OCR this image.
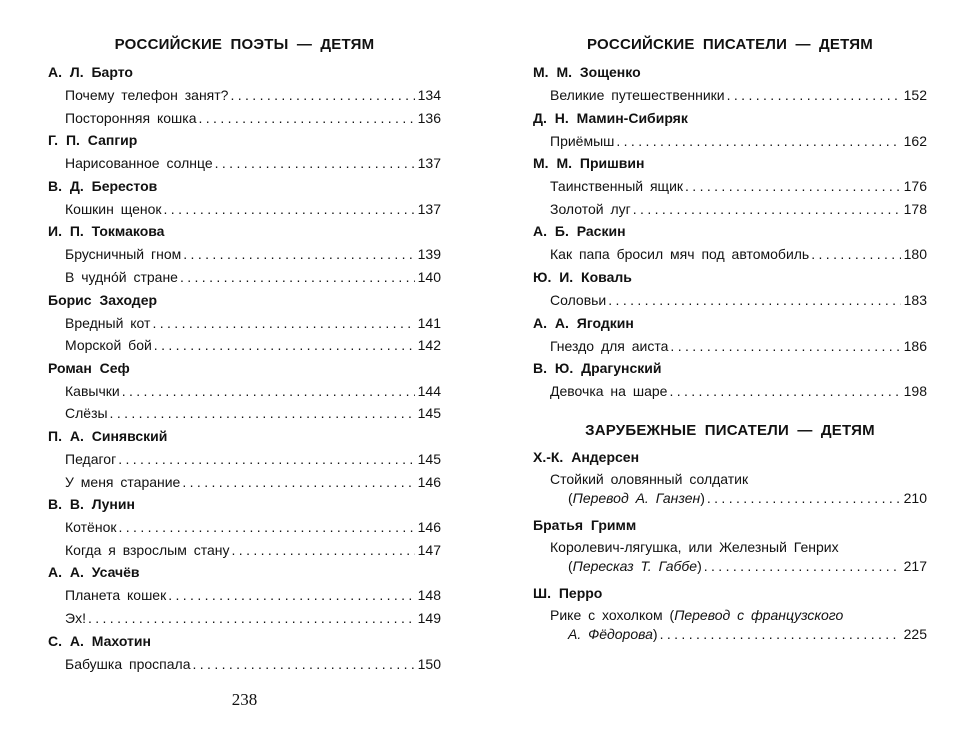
РОССИЙСКИЕ ПОЭТЫ — ДЕТЯМ
А. Л. Барто
Почему телефон занят? . . .	134
Посторонняя кошка . . .	136
Г. П. Сапгир
Нарисованное солнце . . .	137
В. Д. Берестов
Кошкин щенок . . .	137
И. П. Токмакова
Брусничный гном . . .	139
В чудно́й стране . . .	140
Борис Заходер
Вредный кот . . .	141
Морской бой . . .	142
Роман Сеф
Кавычки . . .	144
Слёзы . . .	145
П. А. Синявский
Педагог . . .	145
У меня старание . . .	146
В. В. Лунин
Котёнок . . .	146
Когда я взрослым стану . . .	147
А. А. Усачёв
Планета кошек . . .	148
Эх! . . .	149
С. А. Махотин
Бабушка проспала . . .	150
238
РОССИЙСКИЕ ПИСАТЕЛИ — ДЕТЯМ
М. М. Зощенко
Великие путешественники . . .	152
Д. Н. Мамин-Сибиряк
Приёмыш . . .	162
М. М. Пришвин
Таинственный ящик . . .	176
Золотой луг . . .	178
А. Б. Раскин
Как папа бросил мяч под автомобиль . . .	180
Ю. И. Коваль
Соловьи . . .	183
А. А. Ягодкин
Гнездо для аиста . . .	186
В. Ю. Драгунский
Девочка на шаре . . .	198
ЗАРУБЕЖНЫЕ ПИСАТЕЛИ — ДЕТЯМ
Х.-К. Андерсен
Стойкий оловянный солдатик
(Перевод А. Ганзен) . . .	210
Братья Гримм
Королевич-лягушка, или Железный Генрих
(Пересказ Т. Габбе) . . .	217
Ш. Перро
Рике с хохолком (Перевод с французского
А. Фёдорова) . . .	225
